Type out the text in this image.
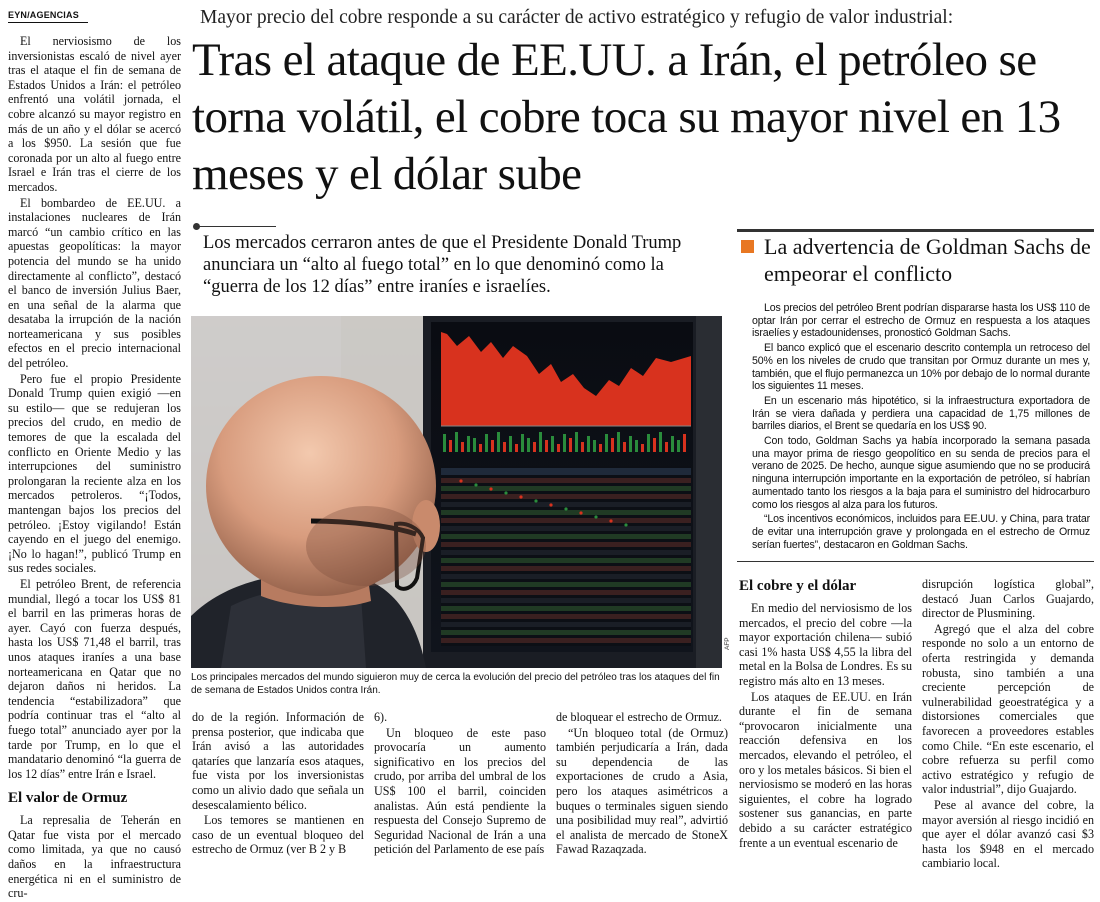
EYN/AGENCIAS	Mayor precio del cobre responde a su carácter de activo estratégico y refugio de valor industrial:
Tras el ataque de EE.UU. a Irán, el petróleo se torna volátil, el cobre toca su mayor nivel en 13 meses y el dólar sube
Los mercados cerraron antes de que el Presidente Donald Trump anunciara un “alto al fuego total” en lo que denominó como la “guerra de los 12 días” entre iraníes e israelíes.

El nerviosismo de los inversionistas escaló de nivel ayer tras el ataque el fin de semana de Estados Unidos a Irán: el petróleo enfrentó una volátil jornada, el cobre alcanzó su mayor registro en más de un año y el dólar se acercó a los $950. La sesión que fue coronada por un alto al fuego entre Israel e Irán tras el cierre de los mercados.

El bombardeo de EE.UU. a instalaciones nucleares de Irán marcó “un cambio crítico en las apuestas geopolíticas: la mayor potencia del mundo se ha unido directamente al conflicto”, destacó el banco de inversión Julius Baer, en una señal de la alarma que desataba la irrupción de la nación norteamericana y sus posibles efectos en el precio internacional del petróleo.

Pero fue el propio Presidente Donald Trump quien exigió —en su estilo— que se redujeran los precios del crudo, en medio de temores de que la escalada del conflicto en Oriente Medio y las interrupciones del suministro prolongaran la reciente alza en los mercados petroleros. “¡Todos, mantengan bajos los precios del petróleo. ¡Estoy vigilando! Están cayendo en el juego del enemigo. ¡No lo hagan!”, publicó Trump en sus redes sociales.

El petróleo Brent, de referencia mundial, llegó a tocar los US$ 81 el barril en las primeras horas de ayer. Cayó con fuerza después, hasta los US$ 71,48 el barril, tras unos ataques iraníes a una base norteamericana en Qatar que no dejaron daños ni heridos. La tendencia “estabilizadora” que podría continuar tras el “alto al fuego total” anunciado ayer por la tarde por Trump, en lo que el mandatario denominó “la guerra de los 12 días” entre Irán e Israel.

El valor de Ormuz

La represalia de Teherán en Qatar fue vista por el mercado como limitada, ya que no causó daños en la infraestructura energética ni en el suministro de cru-

AFP
Los principales mercados del mundo siguieron muy de cerca la evolución del precio del petróleo tras los ataques del fin de semana de Estados Unidos contra Irán.

do de la región. Información de prensa posterior, que indicaba que Irán avisó a las autoridades qataríes que lanzaría esos ataques, fue vista por los inversionistas como un alivio dado que señala un desescalamiento bélico.

Los temores se mantienen en caso de un eventual bloqueo del estrecho de Ormuz (ver B 2 y B

6).

Un bloqueo de este paso provocaría un aumento significativo en los precios del crudo, por arriba del umbral de los US$ 100 el barril, coinciden analistas. Aún está pendiente la respuesta del Consejo Supremo de Seguridad Nacional de Irán a una petición del Parlamento de ese país

de bloquear el estrecho de Ormuz.

“Un bloqueo total (de Ormuz) también perjudicaría a Irán, dada su dependencia de las exportaciones de crudo a Asia, pero los ataques asimétricos a buques o terminales siguen siendo una posibilidad muy real”, advirtió el analista de mercado de StoneX Fawad Razaqzada.

La advertencia de Goldman Sachs de empeorar el conflicto

Los precios del petróleo Brent podrían dispararse hasta los US$ 110 de optar Irán por cerrar el estrecho de Ormuz en respuesta a los ataques israelíes y estadounidenses, pronosticó Goldman Sachs.

El banco explicó que el escenario descrito contempla un retroceso del 50% en los niveles de crudo que transitan por Ormuz durante un mes y, también, que el flujo permanezca un 10% por debajo de lo normal durante los siguientes 11 meses.

En un escenario más hipotético, si la infraestructura exportadora de Irán se viera dañada y perdiera una capacidad de 1,75 millones de barriles diarios, el Brent se quedaría en los US$ 90.

Con todo, Goldman Sachs ya había incorporado la semana pasada una mayor prima de riesgo geopolítico en su senda de precios para el verano de 2025. De hecho, aunque sigue asumiendo que no se producirá ninguna interrupción importante en la exportación de petróleo, sí habrían aumentado tanto los riesgos a la baja para el suministro del hidrocarburo como los riesgos al alza para los futuros.

“Los incentivos económicos, incluidos para EE.UU. y China, para tratar de evitar una interrupción grave y prolongada en el estrecho de Ormuz serían fuertes”, destacaron en Goldman Sachs.

El cobre y el dólar

En medio del nerviosismo de los mercados, el precio del cobre —la mayor exportación chilena— subió casi 1% hasta US$ 4,55 la libra del metal en la Bolsa de Londres. Es su registro más alto en 13 meses.

Los ataques de EE.UU. en Irán durante el fin de semana “provocaron inicialmente una reacción defensiva en los mercados, elevando el petróleo, el oro y los metales básicos. Si bien el nerviosismo se moderó en las horas siguientes, el cobre ha logrado sostener sus ganancias, en parte debido a su carácter estratégico frente a un eventual escenario de

disrupción logística global”, destacó Juan Carlos Guajardo, director de Plusmining.

Agregó que el alza del cobre responde no solo a un entorno de oferta restringida y demanda robusta, sino también a una creciente percepción de vulnerabilidad geoestratégica y a distorsiones comerciales que favorecen a proveedores estables como Chile. “En este escenario, el cobre refuerza su perfil como activo estratégico y refugio de valor industrial”, dijo Guajardo.

Pese al avance del cobre, la mayor aversión al riesgo incidió en que ayer el dólar avanzó casi $3 hasta los $948 en el mercado cambiario local.
